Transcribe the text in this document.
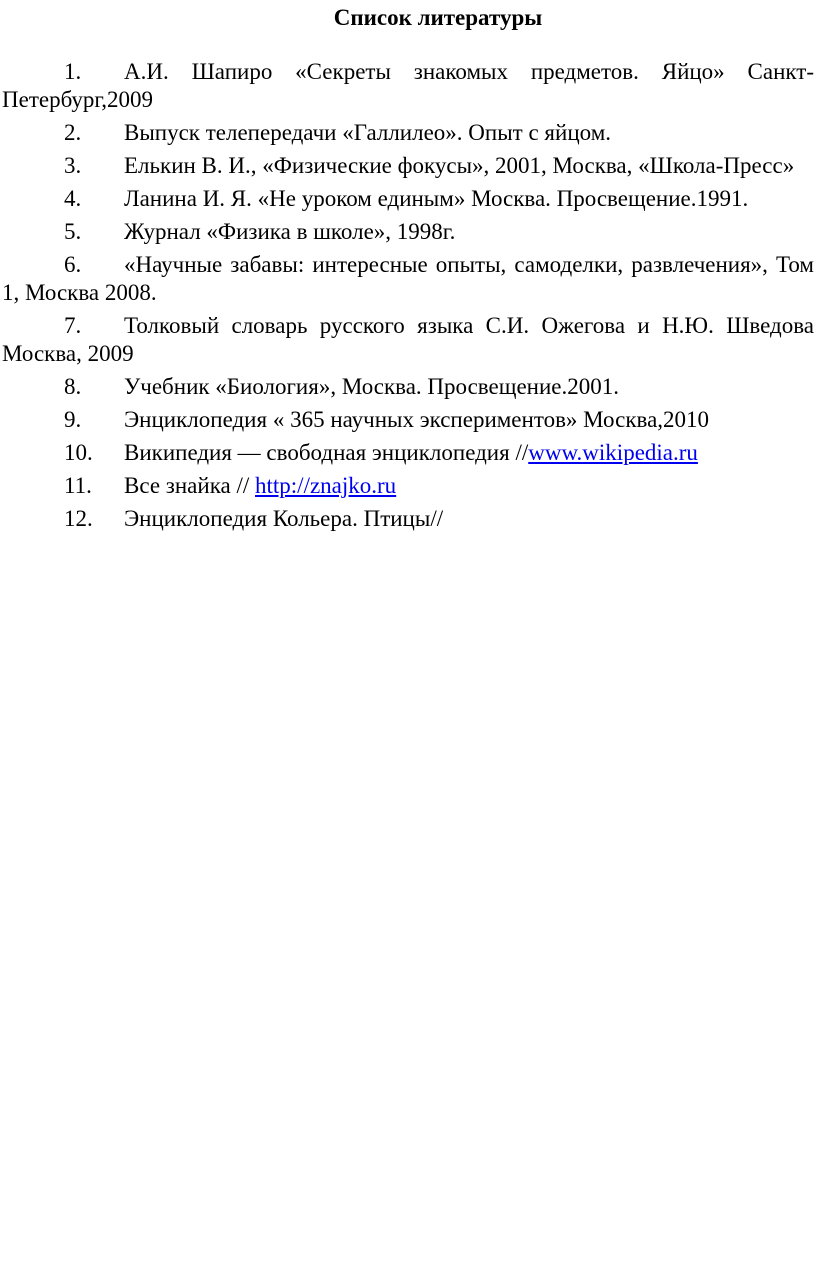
Список литературы
1. А.И. Шапиро «Секреты знакомых предметов. Яйцо» Санкт-Петербург,2009
2. Выпуск телепередачи «Галлилео». Опыт с яйцом.
3. Елькин В. И., «Физические фокусы», 2001, Москва, «Школа-Пресс»
4. Ланина И. Я. «Не уроком единым» Москва. Просвещение.1991.
5. Журнал «Физика в школе», 1998г.
6. «Научные забавы: интересные опыты, самоделки, развлечения», Том 1, Москва 2008.
7. Толковый словарь русского языка С.И. Ожегова и Н.Ю. Шведова Москва, 2009
8. Учебник «Биология», Москва. Просвещение.2001.
9. Энциклопедия « 365 научных экспериментов» Москва,2010
10. Википедия — свободная энциклопедия //www.wikipedia.ru
11. Все знайка // http://znajko.ru
12. Энциклопедия Кольера. Птицы//
